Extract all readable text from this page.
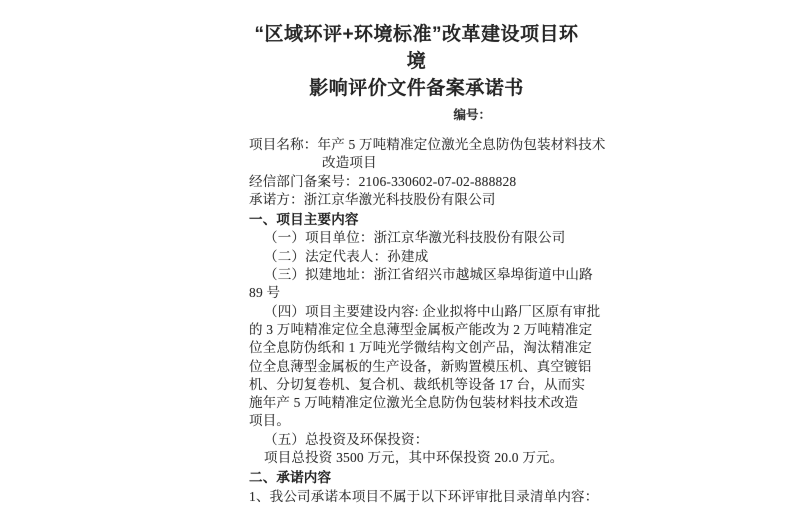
“区域环评+环境标准”改革建设项目环境
影响评价文件备案承诺书
编号：
项目名称：年产 5 万吨精准定位激光全息防伪包装材料技术
改造项目
经信部门备案号：2106-330602-07-02-888828
承诺方：浙江京华激光科技股份有限公司
一、项目主要内容
（一）项目单位：浙江京华激光科技股份有限公司
（二）法定代表人：孙建成
（三）拟建地址：浙江省绍兴市越城区皋埠街道中山路
89 号
（四）项目主要建设内容: 企业拟将中山路厂区原有审批
的 3 万吨精准定位全息薄型金属板产能改为 2 万吨精准定
位全息防伪纸和 1 万吨光学微结构文创产品，淘汰精准定
位全息薄型金属板的生产设备，新购置模压机、真空镀铝
机、分切复卷机、复合机、裁纸机等设备 17 台，从而实
施年产 5 万吨精准定位激光全息防伪包装材料技术改造
项目。
（五）总投资及环保投资：
项目总投资 3500 万元，其中环保投资 20.0 万元。
二、承诺内容
1、我公司承诺本项目不属于以下环评审批目录清单内容：
